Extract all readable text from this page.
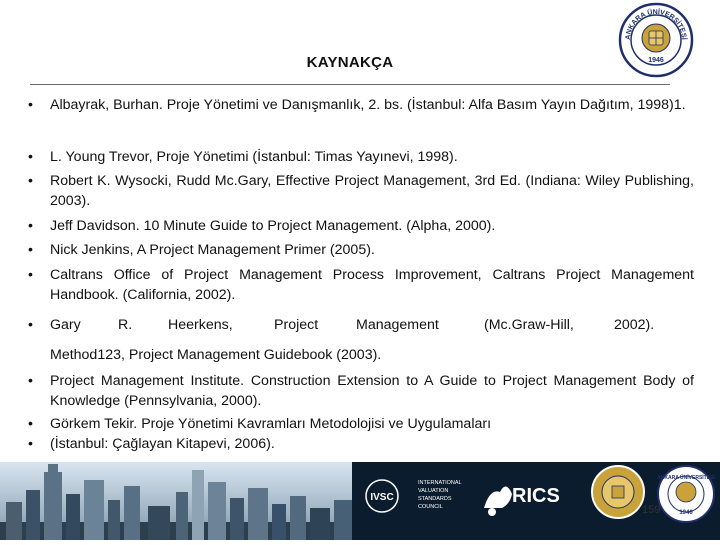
ANKARA ÜNİVERSİTESİ
1946
KAYNAKÇA
•	Albayrak, Burhan. Proje Yönetimi ve Danışmanlık, 2. bs. (İstanbul: Alfa Basım Yayın Dağıtım, 1998)1.
•	L. Young Trevor, Proje Yönetimi (İstanbul: Timas Yayınevi, 1998).
•	Robert K. Wysocki, Rudd Mc.Gary, Effective Project Management, 3rd Ed. (Indiana: Wiley Publishing, 2003).
•	Jeff Davidson. 10 Minute Guide to Project Management. (Alpha, 2000).
•	Nick Jenkins, A Project Management Primer (2005).
•	Caltrans Office of Project Management Process Improvement, Caltrans Project Management Handbook. (California, 2002).
•	Gary	R.	Heerkens,	Project	Management	(Mc.Graw-Hill,	2002).
Method123, Project Management Guidebook (2003).
•	Project Management Institute. Construction Extension to A Guide to Project Management Body of Knowledge (Pennsylvania, 2000).
•	Görkem Tekir. Proje Yönetimi Kavramları Metodolojisi ve Uygulamaları
•	(İstanbul: Çağlayan Kitapevi, 2006).
IVSC
INTERNATIONAL
VALUATION
STANDARDS
COUNCIL	RICS
ANKARA ÜNİVERSİTESİ
1946
159
